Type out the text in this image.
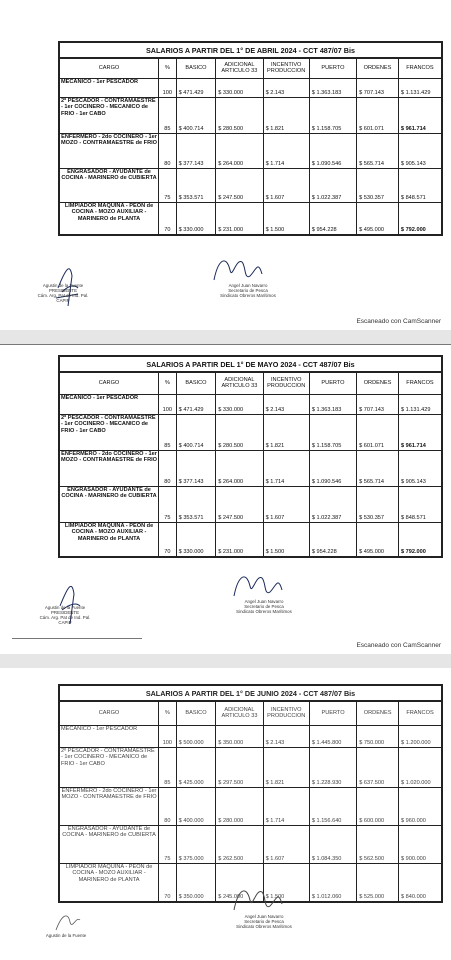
SALARIOS A PARTIR DEL 1° DE ABRIL 2024 - CCT 487/07 Bis							
CARGO	%	BASICO	ADICIONAL ARTICULO 33	INCENTIVO PRODUCCION	PUERTO	ORDENES	FRANCOS
MECANICO - 1er PESCADOR	100	$ 471.429	$ 330.000	$ 2.143	$ 1.363.183	$ 707.143	$ 1.131.429
2º PESCADOR - CONTRAMAESTRE - 1er COCINERO - MECANICO de FRIO - 1er CABO	85	$ 400.714	$ 280.500	$ 1.821	$ 1.158.705	$ 601.071	$ 961.714
ENFERMERO - 2do COCINERO - 1er MOZO - CONTRAMAESTRE de FRIO	80	$ 377.143	$ 264.000	$ 1.714	$ 1.090.546	$ 565.714	$ 905.143
ENGRASADOR - AYUDANTE de COCINA - MARINERO de CUBIERTA	75	$ 353.571	$ 247.500	$ 1.607	$ 1.022.387	$ 530.357	$ 848.571
LIMPIADOR MAQUINA - PEON de COCINA - MOZO AUXILIAR - MARINERO de PLANTA	70	$ 330.000	$ 231.000	$ 1.500	$ 954.228	$ 495.000	$ 792.000
Agustin de la Fuente
PRESIDENTE
Cám. Arg. Pat de Ind. Pal.
CAPIP
Angel Juan Navarro
Secretario de Pesca
Sindicato Obreros Marítimos
Escaneado con CamScanner
SALARIOS A PARTIR DEL 1° DE MAYO 2024 - CCT 487/07 Bis							
CARGO	%	BASICO	ADICIONAL ARTICULO 33	INCENTIVO PRODUCCION	PUERTO	ORDENES	FRANCOS
MECANICO - 1er PESCADOR	100	$ 471.429	$ 330.000	$ 2.143	$ 1.363.183	$ 707.143	$ 1.131.429
2º PESCADOR - CONTRAMAESTRE - 1er COCINERO - MECANICO de FRIO - 1er CABO	85	$ 400.714	$ 280.500	$ 1.821	$ 1.158.705	$ 601.071	$ 961.714
ENFERMERO - 2do COCINERO - 1er MOZO - CONTRAMAESTRE de FRIO	80	$ 377.143	$ 264.000	$ 1.714	$ 1.090.546	$ 565.714	$ 905.143
ENGRASADOR - AYUDANTE de COCINA - MARINERO de CUBIERTA	75	$ 353.571	$ 247.500	$ 1.607	$ 1.022.387	$ 530.357	$ 848.571
LIMPIADOR MAQUINA - PEON de COCINA - MOZO AUXILIAR - MARINERO de PLANTA	70	$ 330.000	$ 231.000	$ 1.500	$ 954.228	$ 495.000	$ 792.000
Agustin de la Fuente
PRESIDENTE
Cám. Arg. Pat de Ind. Pal.
CAPIP
Angel Juan Navarro
Secretario de Pesca
Sindicato Obreros Marítimos
Escaneado con CamScanner
SALARIOS A PARTIR DEL 1° DE JUNIO 2024 - CCT 487/07 Bis							
CARGO	%	BASICO	ADICIONAL ARTICULO 33	INCENTIVO PRODUCCION	PUERTO	ORDENES	FRANCOS
MECANICO - 1er PESCADOR	100	$ 500.000	$ 350.000	$ 2.143	$ 1.445.800	$ 750.000	$ 1.200.000
2º PESCADOR - CONTRAMAESTRE - 1er COCINERO - MECANICO de FRIO - 1er CABO	85	$ 425.000	$ 297.500	$ 1.821	$ 1.228.930	$ 637.500	$ 1.020.000
ENFERMERO - 2do COCINERO - 1er MOZO - CONTRAMAESTRE de FRIO	80	$ 400.000	$ 280.000	$ 1.714	$ 1.156.640	$ 600.000	$ 960.000
ENGRASADOR - AYUDANTE de COCINA - MARINERO de CUBIERTA	75	$ 375.000	$ 262.500	$ 1.607	$ 1.084.350	$ 562.500	$ 900.000
LIMPIADOR MAQUINA - PEON de COCINA - MOZO AUXILIAR - MARINERO de PLANTA	70	$ 350.000	$ 245.000	$ 1.500	$ 1.012.060	$ 525.000	$ 840.000
Agustin de la Fuente
Angel Juan Navarro
Secretario de Pesca
Sindicato Obreros Marítimos
